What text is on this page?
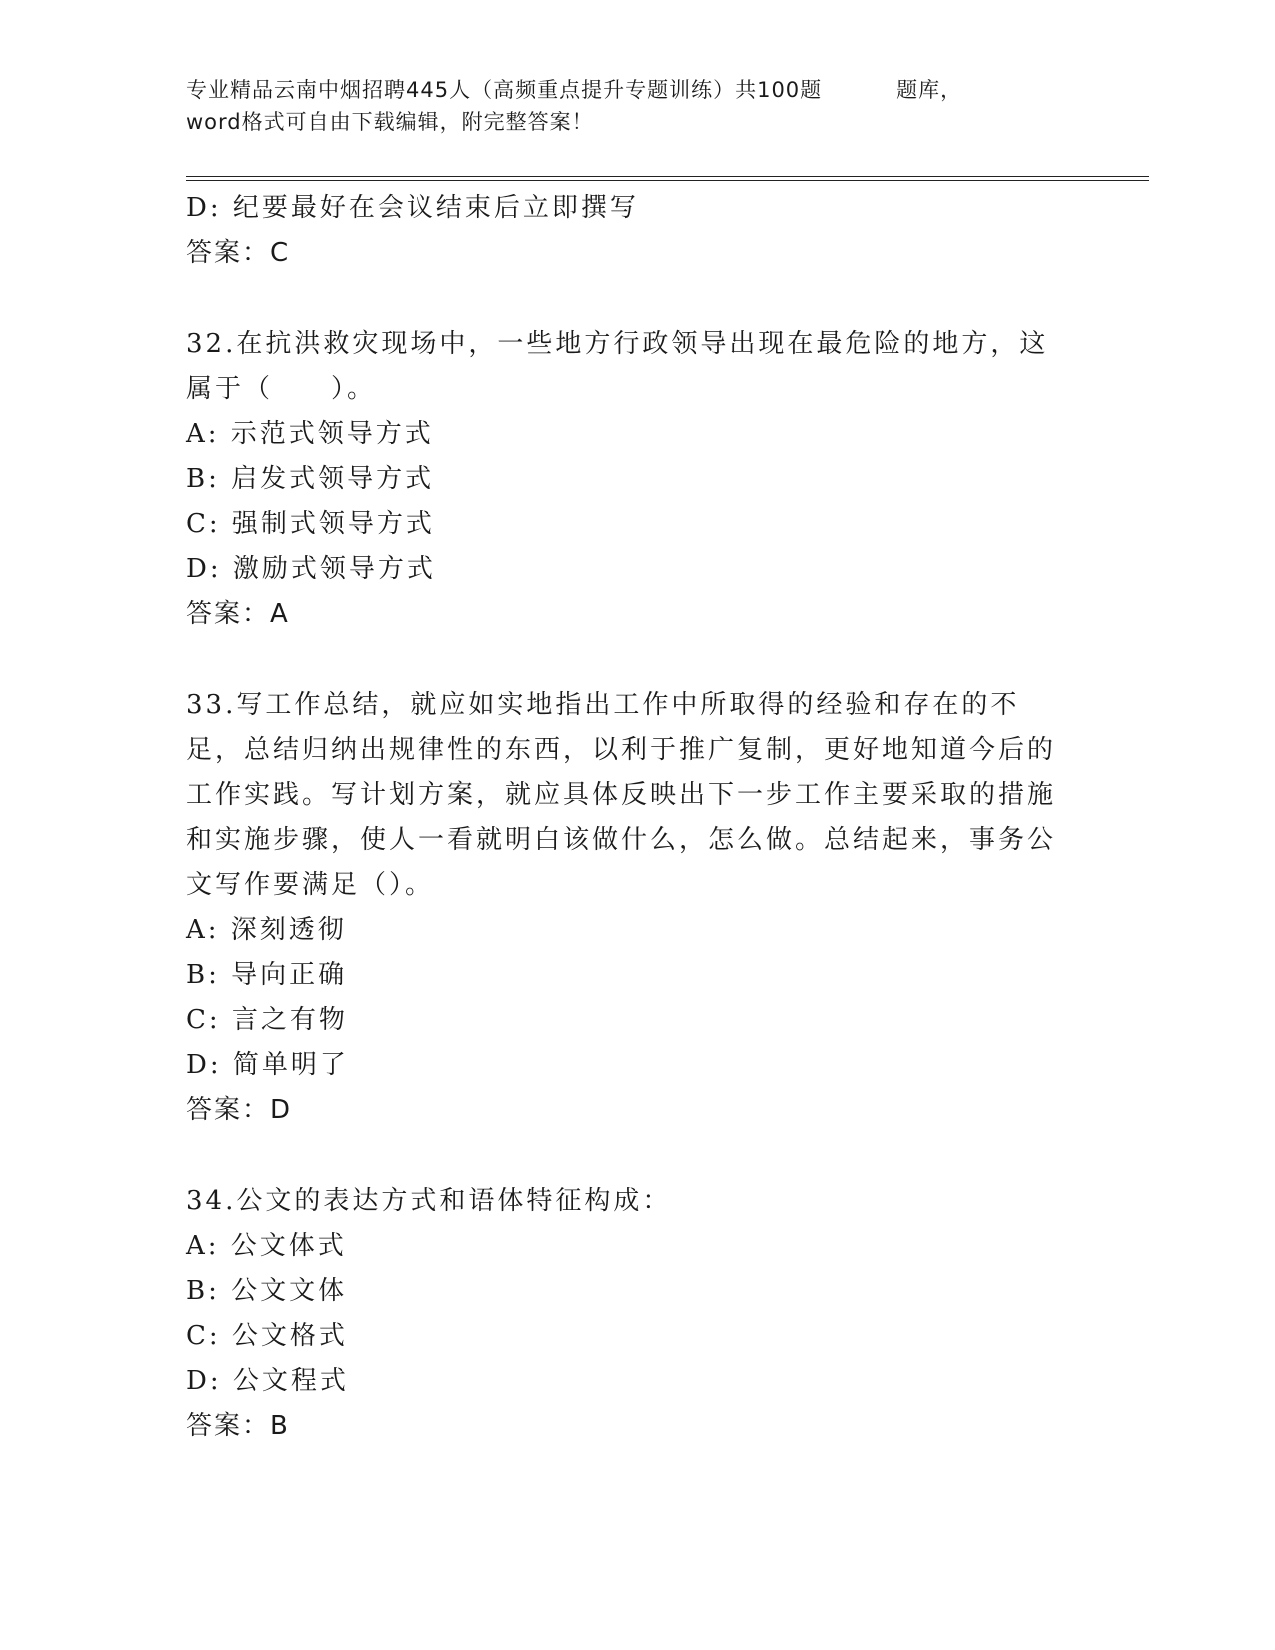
专业精品云南中烟招聘445人（高频重点提升专题训练）共100题	题库，
word格式可自由下载编辑，附完整答案！

D: 纪要最好在会议结束后立即撰写

答案：C

32.在抗洪救灾现场中，一些地方行政领导出现在最危险的地方，这属于（　　）。

A: 示范式领导方式

B: 启发式领导方式

C: 强制式领导方式

D: 激励式领导方式

答案：A

33.写工作总结，就应如实地指出工作中所取得的经验和存在的不足，总结归纳出规律性的东西，以利于推广复制，更好地知道今后的工作实践。写计划方案，就应具体反映出下一步工作主要采取的措施和实施步骤，使人一看就明白该做什么，怎么做。总结起来，事务公文写作要满足（）。

A: 深刻透彻

B: 导向正确

C: 言之有物

D: 简单明了

答案：D

34.公文的表达方式和语体特征构成：

A: 公文体式

B: 公文文体

C: 公文格式

D: 公文程式

答案：B
